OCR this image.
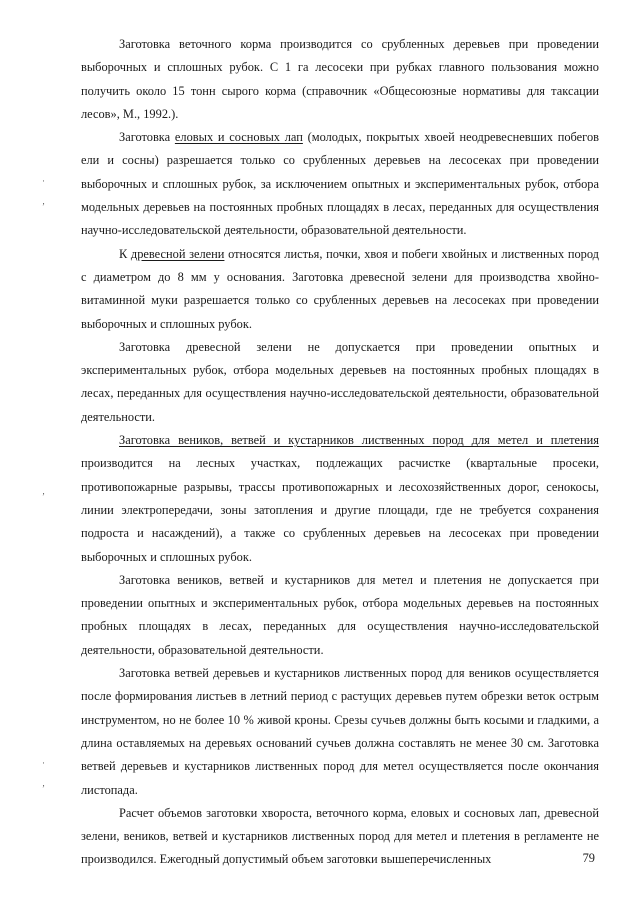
Заготовка веточного корма производится со срубленных деревьев при проведении выборочных и сплошных рубок. С 1 га лесосеки при рубках главного пользования можно получить около 15 тонн сырого корма (справочник «Общесоюзные нормативы для таксации лесов», М., 1992.).

Заготовка еловых и сосновых лап (молодых, покрытых хвоей неодревесневших побегов ели и сосны) разрешается только со срубленных деревьев на лесосеках при проведении выборочных и сплошных рубок, за исключением опытных и экспериментальных рубок, отбора модельных деревьев на постоянных пробных площадях в лесах, переданных для осуществления научно-исследовательской деятельности, образовательной деятельности.

К древесной зелени относятся листья, почки, хвоя и побеги хвойных и лиственных пород с диаметром до 8 мм у основания. Заготовка древесной зелени для производства хвойно-витаминной муки разрешается только со срубленных деревьев на лесосеках при проведении выборочных и сплошных рубок.

Заготовка древесной зелени не допускается при проведении опытных и экспериментальных рубок, отбора модельных деревьев на постоянных пробных площадях в лесах, переданных для осуществления научно-исследовательской деятельности, образовательной деятельности.

Заготовка веников, ветвей и кустарников лиственных пород для метел и плетения производится на лесных участках, подлежащих расчистке (квартальные просеки, противопожарные разрывы, трассы противопожарных и лесохозяйственных дорог, сенокосы, линии электропередачи, зоны затопления и другие площади, где не требуется сохранения подроста и насаждений), а также со срубленных деревьев на лесосеках при проведении выборочных и сплошных рубок.

Заготовка веников, ветвей и кустарников для метел и плетения не допускается при проведении опытных и экспериментальных рубок, отбора модельных деревьев на постоянных пробных площадях в лесах, переданных для осуществления научно-исследовательской деятельности, образовательной деятельности.

Заготовка ветвей деревьев и кустарников лиственных пород для веников осуществляется после формирования листьев в летний период с растущих деревьев путем обрезки веток острым инструментом, но не более 10 % живой кроны. Срезы сучьев должны быть косыми и гладкими, а длина оставляемых на деревьях оснований сучьев должна составлять не менее 30 см. Заготовка ветвей деревьев и кустарников лиственных пород для метел осуществляется после окончания листопада.

Расчет объемов заготовки хвороста, веточного корма, еловых и сосновых лап, древесной зелени, веников, ветвей и кустарников лиственных пород для метел и плетения в регламенте не производился. Ежегодный допустимый объем заготовки вышеперечисленных

·
‚
‚
·
‚
79
